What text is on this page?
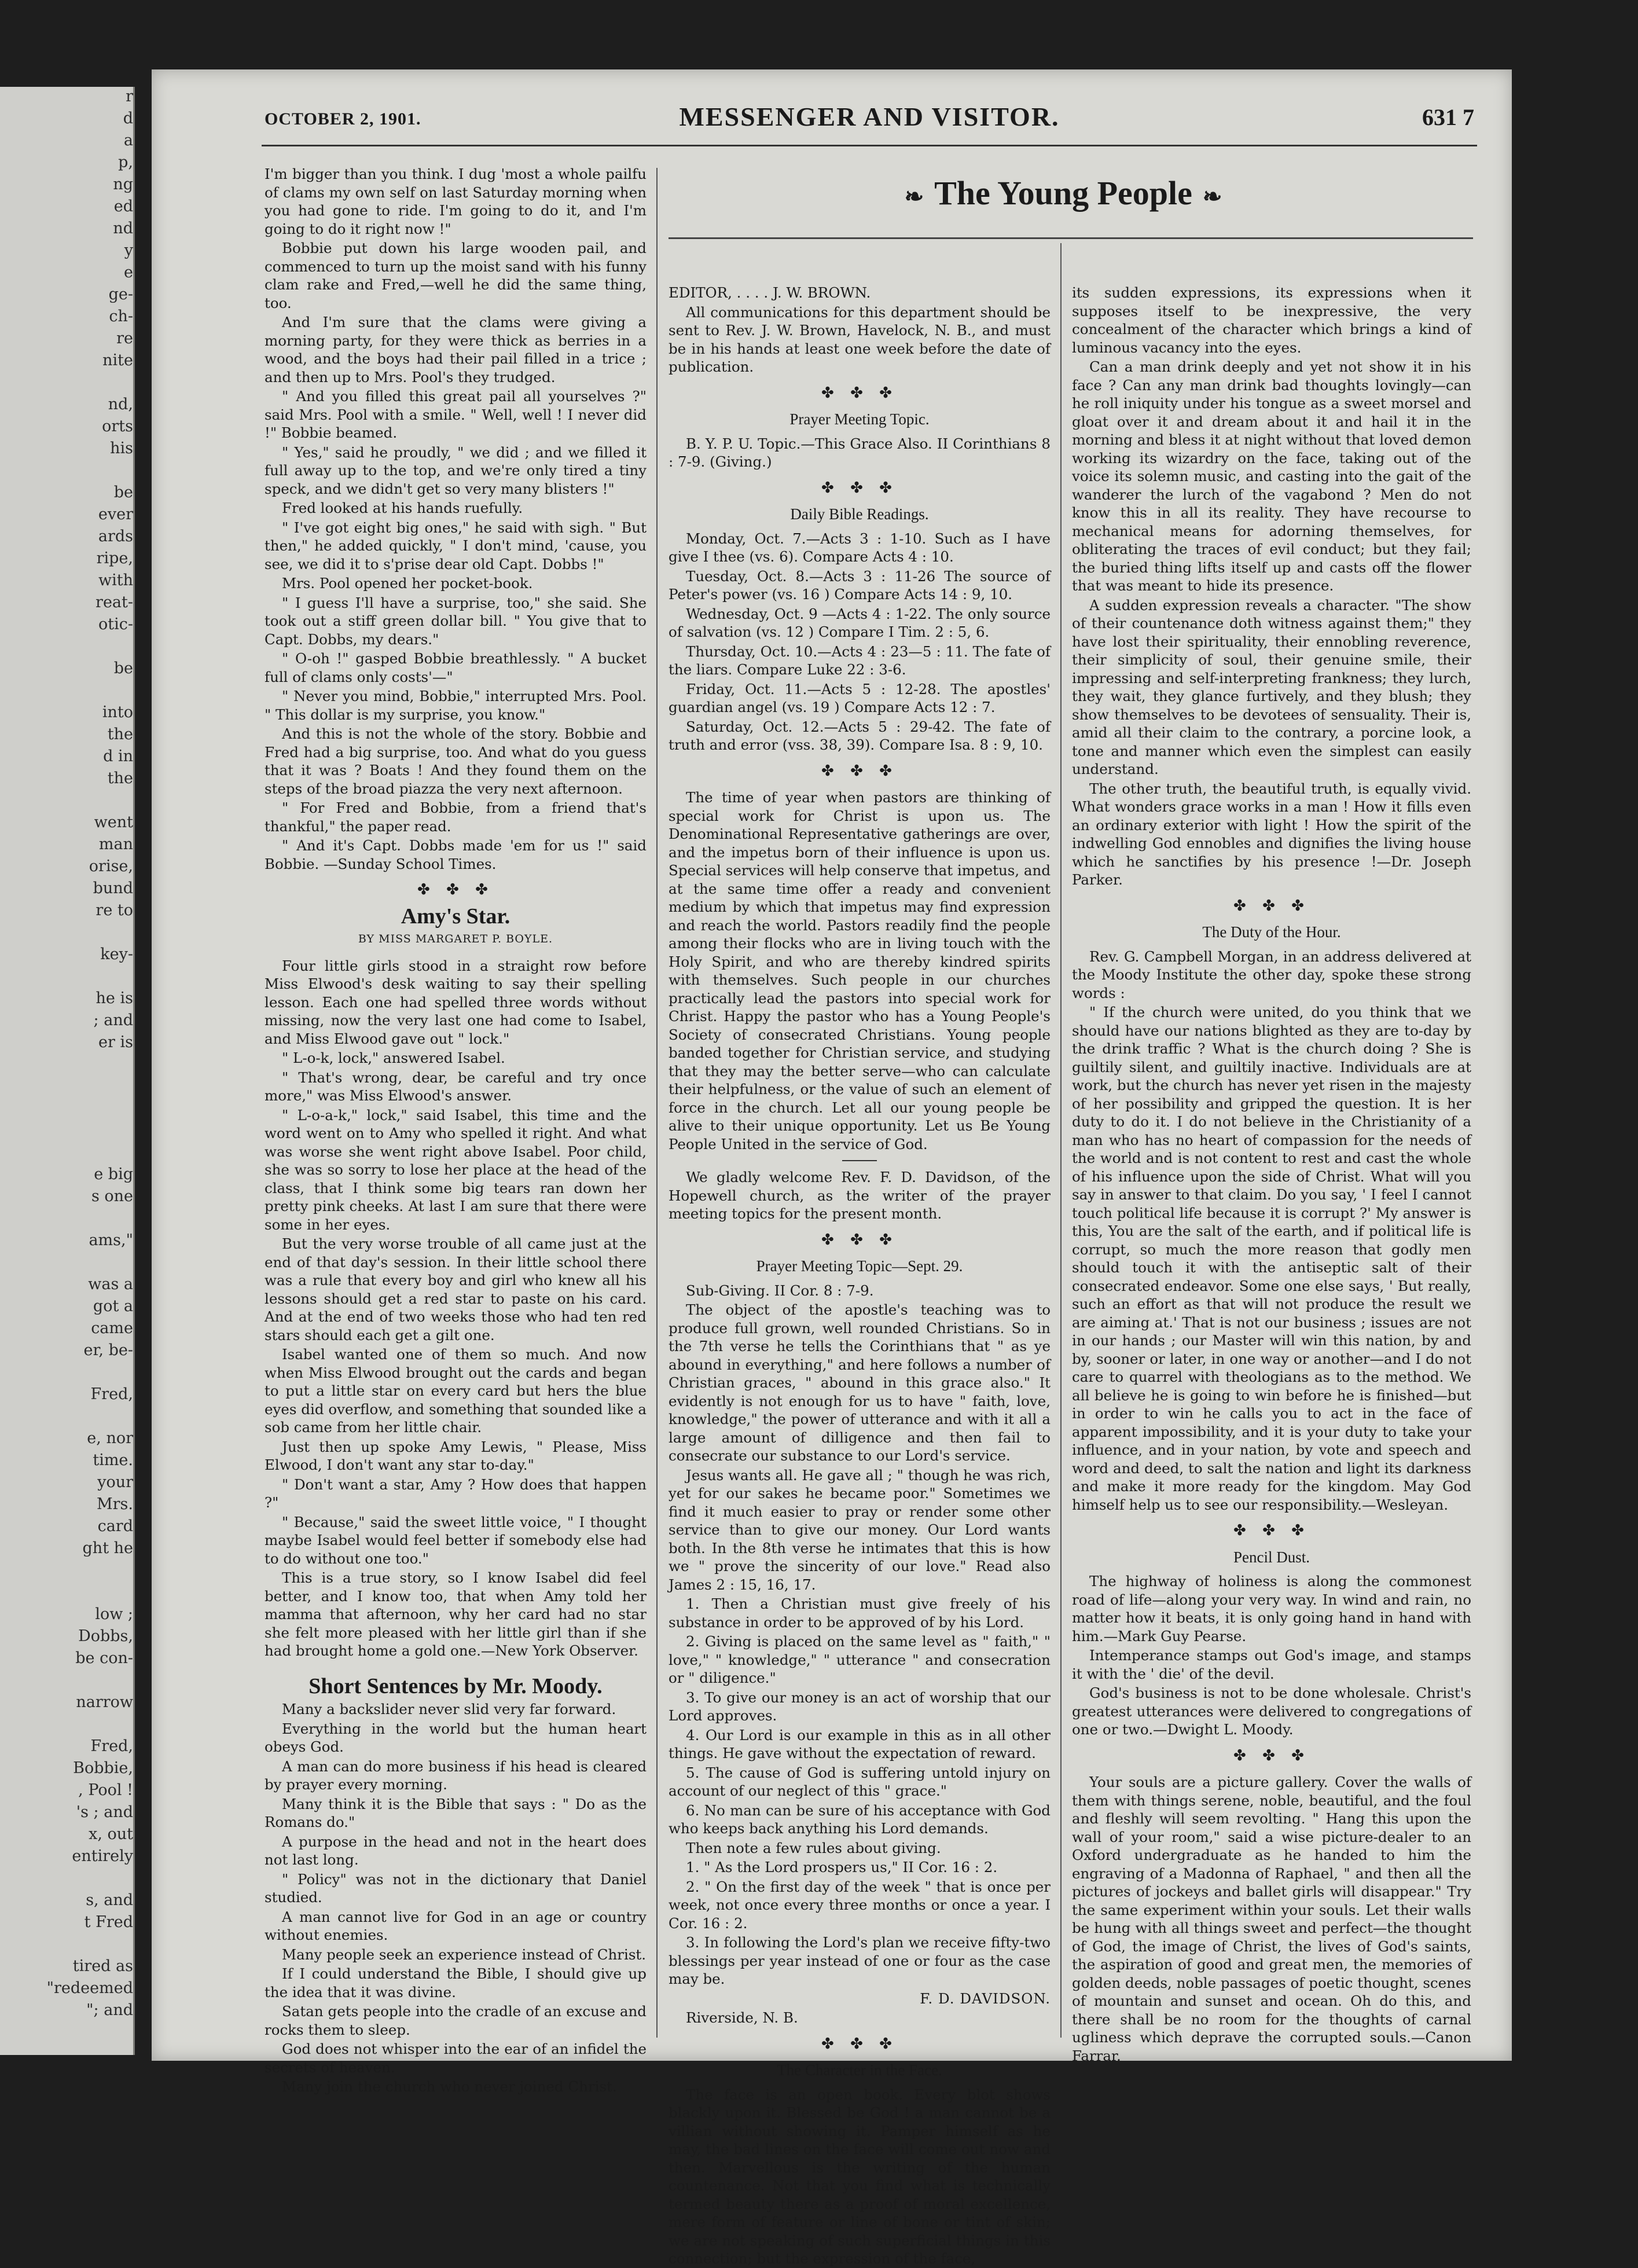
r
d
a
p,
ng
ed
nd
y
e
ge-
ch-
re
nite
nd,
orts
his
be
ever
ards
ripe,
with
reat-
otic-
be
into
the
d in
the
went
man
orise,
bund
re to
key-
he is
; and
er is
e big
s one
ams,"
was a
got a
came
er, be-
Fred,
e, nor
time.
your
Mrs.
card
ght he
low ;
Dobbs,
be con-
narrow
Fred,
Bobbie,
, Pool !
's ; and
x, out
entirely
s, and
t Fred
tired as
"redeemed
"; and
OCTOBER 2, 1901.	MESSENGER AND VISITOR.	631 7
❧ The Young People ❧

I'm bigger than you think. I dug 'most a whole pailfu of clams my own self on last Saturday morning when you had gone to ride. I'm going to do it, and I'm going to do it right now !"

Bobbie put down his large wooden pail, and commenced to turn up the moist sand with his funny clam rake and Fred,—well he did the same thing, too.

And I'm sure that the clams were giving a morning party, for they were thick as berries in a wood, and the boys had their pail filled in a trice ; and then up to Mrs. Pool's they trudged.

" And you filled this great pail all yourselves ?" said Mrs. Pool with a smile. " Well, well ! I never did !" Bobbie beamed.

" Yes," said he proudly, " we did ; and we filled it full away up to the top, and we're only tired a tiny speck, and we didn't get so very many blisters !"

Fred looked at his hands ruefully.

" I've got eight big ones," he said with sigh. " But then," he added quickly, " I don't mind, 'cause, you see, we did it to s'prise dear old Capt. Dobbs !"

Mrs. Pool opened her pocket-book.

" I guess I'll have a surprise, too," she said. She took out a stiff green dollar bill. " You give that to Capt. Dobbs, my dears."

" O-oh !" gasped Bobbie breathlessly. " A bucket full of clams only costs'—"

" Never you mind, Bobbie," interrupted Mrs. Pool. " This dollar is my surprise, you know."

And this is not the whole of the story. Bobbie and Fred had a big surprise, too. And what do you guess that it was ? Boats ! And they found them on the steps of the broad piazza the very next afternoon.

" For Fred and Bobbie, from a friend that's thankful," the paper read.

" And it's Capt. Dobbs made 'em for us !" said Bobbie. —Sunday School Times.

✤ ✤ ✤
Amy's Star.
BY MISS MARGARET P. BOYLE.

Four little girls stood in a straight row before Miss Elwood's desk waiting to say their spelling lesson. Each one had spelled three words without missing, now the very last one had come to Isabel, and Miss Elwood gave out " lock."

" L-o-k, lock," answered Isabel.

" That's wrong, dear, be careful and try once more," was Miss Elwood's answer.

" L-o-a-k," lock," said Isabel, this time and the word went on to Amy who spelled it right. And what was worse she went right above Isabel. Poor child, she was so sorry to lose her place at the head of the class, that I think some big tears ran down her pretty pink cheeks. At last I am sure that there were some in her eyes.

But the very worse trouble of all came just at the end of that day's session. In their little school there was a rule that every boy and girl who knew all his lessons should get a red star to paste on his card. And at the end of two weeks those who had ten red stars should each get a gilt one.

Isabel wanted one of them so much. And now when Miss Elwood brought out the cards and began to put a little star on every card but hers the blue eyes did overflow, and something that sounded like a sob came from her little chair.

Just then up spoke Amy Lewis, " Please, Miss Elwood, I don't want any star to-day."

" Don't want a star, Amy ? How does that happen ?"

" Because," said the sweet little voice, " I thought maybe Isabel would feel better if somebody else had to do without one too."

This is a true story, so I know Isabel did feel better, and I know too, that when Amy told her mamma that afternoon, why her card had no star she felt more pleased with her little girl than if she had brought home a gold one.—New York Observer.

Short Sentences by Mr. Moody.

Many a backslider never slid very far forward.

Everything in the world but the human heart obeys God.

A man can do more business if his head is cleared by prayer every morning.

Many think it is the Bible that says : " Do as the Romans do."

A purpose in the head and not in the heart does not last long.

" Policy" was not in the dictionary that Daniel studied.

A man cannot live for God in an age or country without enemies.

Many people seek an experience instead of Christ.

If I could understand the Bible, I should give up the idea that it was divine.

Satan gets people into the cradle of an excuse and rocks them to sleep.

God does not whisper into the ear of an infidel the secrets of heaven.

Many join the church who never joined Christ.

EDITOR, . . . . J. W. BROWN.

All communications for this department should be sent to Rev. J. W. Brown, Havelock, N. B., and must be in his hands at least one week before the date of publication.

✤ ✤ ✤
Prayer Meeting Topic.

B. Y. P. U. Topic.—This Grace Also. II Corinthians 8 : 7-9. (Giving.)

✤ ✤ ✤
Daily Bible Readings.

Monday, Oct. 7.—Acts 3 : 1-10. Such as I have give I thee (vs. 6). Compare Acts 4 : 10.

Tuesday, Oct. 8.—Acts 3 : 11-26 The source of Peter's power (vs. 16 ) Compare Acts 14 : 9, 10.

Wednesday, Oct. 9 —Acts 4 : 1-22. The only source of salvation (vs. 12 ) Compare I Tim. 2 : 5, 6.

Thursday, Oct. 10.—Acts 4 : 23—5 : 11. The fate of the liars. Compare Luke 22 : 3-6.

Friday, Oct. 11.—Acts 5 : 12-28. The apostles' guardian angel (vs. 19 ) Compare Acts 12 : 7.

Saturday, Oct. 12.—Acts 5 : 29-42. The fate of truth and error (vss. 38, 39). Compare Isa. 8 : 9, 10.

✤ ✤ ✤

The time of year when pastors are thinking of special work for Christ is upon us. The Denominational Representative gatherings are over, and the impetus born of their influence is upon us. Special services will help conserve that impetus, and at the same time offer a ready and convenient medium by which that impetus may find expression and reach the world. Pastors readily find the people among their flocks who are in living touch with the Holy Spirit, and who are thereby kindred spirits with themselves. Such people in our churches practically lead the pastors into special work for Christ. Happy the pastor who has a Young People's Society of consecrated Christians. Young people banded together for Christian service, and studying that they may the better serve—who can calculate their helpfulness, or the value of such an element of force in the church. Let all our young people be alive to their unique opportunity. Let us Be Young People United in the service of God.

We gladly welcome Rev. F. D. Davidson, of the Hopewell church, as the writer of the prayer meeting topics for the present month.

✤ ✤ ✤
Prayer Meeting Topic—Sept. 29.

Sub-Giving. II Cor. 8 : 7-9.

The object of the apostle's teaching was to produce full grown, well rounded Christians. So in the 7th verse he tells the Corinthians that " as ye abound in everything," and here follows a number of Christian graces, " abound in this grace also." It evidently is not enough for us to have " faith, love, knowledge," the power of utterance and with it all a large amount of dilligence and then fail to consecrate our substance to our Lord's service.

Jesus wants all. He gave all ; " though he was rich, yet for our sakes he became poor." Sometimes we find it much easier to pray or render some other service than to give our money. Our Lord wants both. In the 8th verse he intimates that this is how we " prove the sincerity of our love." Read also James 2 : 15, 16, 17.

1. Then a Christian must give freely of his substance in order to be approved of by his Lord.

2. Giving is placed on the same level as " faith," " love," " knowledge," " utterance " and consecration or " diligence."

3. To give our money is an act of worship that our Lord approves.

4. Our Lord is our example in this as in all other things. He gave without the expectation of reward.

5. The cause of God is suffering untold injury on account of our neglect of this " grace."

6. No man can be sure of his acceptance with God who keeps back anything his Lord demands.

Then note a few rules about giving.

1. " As the Lord prospers us," II Cor. 16 : 2.

2. " On the first day of the week " that is once per week, not once every three months or once a year. I Cor. 16 : 2.

3. In following the Lord's plan we receive fifty-two blessings per year instead of one or four as the case may be.

F. D. DAVIDSON.

Riverside, N. B.

✤ ✤ ✤
The Character in the Face.

The face is an open book. Every blot shows blackly upon it. Blessed be God ! a man cannot be a villian without showing it. Pamper himself as he may, the bad lines on the face will come out now and then. Marvellous is the writing of the human countenance. Not that you find what is technically termed beauty there as a proof of moral excellence, mere form of feature or line of bone or tint of skin; we are not speaking of such superficial things in this connection; but the expression of the face,

its sudden expressions, its expressions when it supposes itself to be inexpressive, the very concealment of the character which brings a kind of luminous vacancy into the eyes.

Can a man drink deeply and yet not show it in his face ? Can any man drink bad thoughts lovingly—can he roll iniquity under his tongue as a sweet morsel and gloat over it and dream about it and hail it in the morning and bless it at night without that loved demon working its wizardry on the face, taking out of the voice its solemn music, and casting into the gait of the wanderer the lurch of the vagabond ? Men do not know this in all its reality. They have recourse to mechanical means for adorning themselves, for obliterating the traces of evil conduct; but they fail; the buried thing lifts itself up and casts off the flower that was meant to hide its presence.

A sudden expression reveals a character. "The show of their countenance doth witness against them;" they have lost their spirituality, their ennobling reverence, their simplicity of soul, their genuine smile, their impressing and self-interpreting frankness; they lurch, they wait, they glance furtively, and they blush; they show themselves to be devotees of sensuality. Their is, amid all their claim to the contrary, a porcine look, a tone and manner which even the simplest can easily understand.

The other truth, the beautiful truth, is equally vivid. What wonders grace works in a man ! How it fills even an ordinary exterior with light ! How the spirit of the indwelling God ennobles and dignifies the living house which he sanctifies by his presence !—Dr. Joseph Parker.

✤ ✤ ✤
The Duty of the Hour.

Rev. G. Campbell Morgan, in an address delivered at the Moody Institute the other day, spoke these strong words :

" If the church were united, do you think that we should have our nations blighted as they are to-day by the drink traffic ? What is the church doing ? She is guiltily silent, and guiltily inactive. Individuals are at work, but the church has never yet risen in the majesty of her possibility and gripped the question. It is her duty to do it. I do not believe in the Christianity of a man who has no heart of compassion for the needs of the world and is not content to rest and cast the whole of his influence upon the side of Christ. What will you say in answer to that claim. Do you say, ' I feel I cannot touch political life because it is corrupt ?' My answer is this, You are the salt of the earth, and if political life is corrupt, so much the more reason that godly men should touch it with the antiseptic salt of their consecrated endeavor. Some one else says, ' But really, such an effort as that will not produce the result we are aiming at.' That is not our business ; issues are not in our hands ; our Master will win this nation, by and by, sooner or later, in one way or another—and I do not care to quarrel with theologians as to the method. We all believe he is going to win before he is finished—but in order to win he calls you to act in the face of apparent impossibility, and it is your duty to take your influence, and in your nation, by vote and speech and word and deed, to salt the nation and light its darkness and make it more ready for the kingdom. May God himself help us to see our responsibility.—Wesleyan.

✤ ✤ ✤
Pencil Dust.

The highway of holiness is along the commonest road of life—along your very way. In wind and rain, no matter how it beats, it is only going hand in hand with him.—Mark Guy Pearse.

Intemperance stamps out God's image, and stamps it with the ' die' of the devil.

God's business is not to be done wholesale. Christ's greatest utterances were delivered to congregations of one or two.—Dwight L. Moody.

✤ ✤ ✤

Your souls are a picture gallery. Cover the walls of them with things serene, noble, beautiful, and the foul and fleshly will seem revolting. " Hang this upon the wall of your room," said a wise picture-dealer to an Oxford undergraduate as he handed to him the engraving of a Madonna of Raphael, " and then all the pictures of jockeys and ballet girls will disappear." Try the same experiment within your souls. Let their walls be hung with all things sweet and perfect—the thought of God, the image of Christ, the lives of God's saints, the aspiration of good and great men, the memories of golden deeds, noble passages of poetic thought, scenes of mountain and sunset and ocean. Oh do this, and there shall be no room for the thoughts of carnal ugliness which deprave the corrupted souls.—Canon Farrar.
